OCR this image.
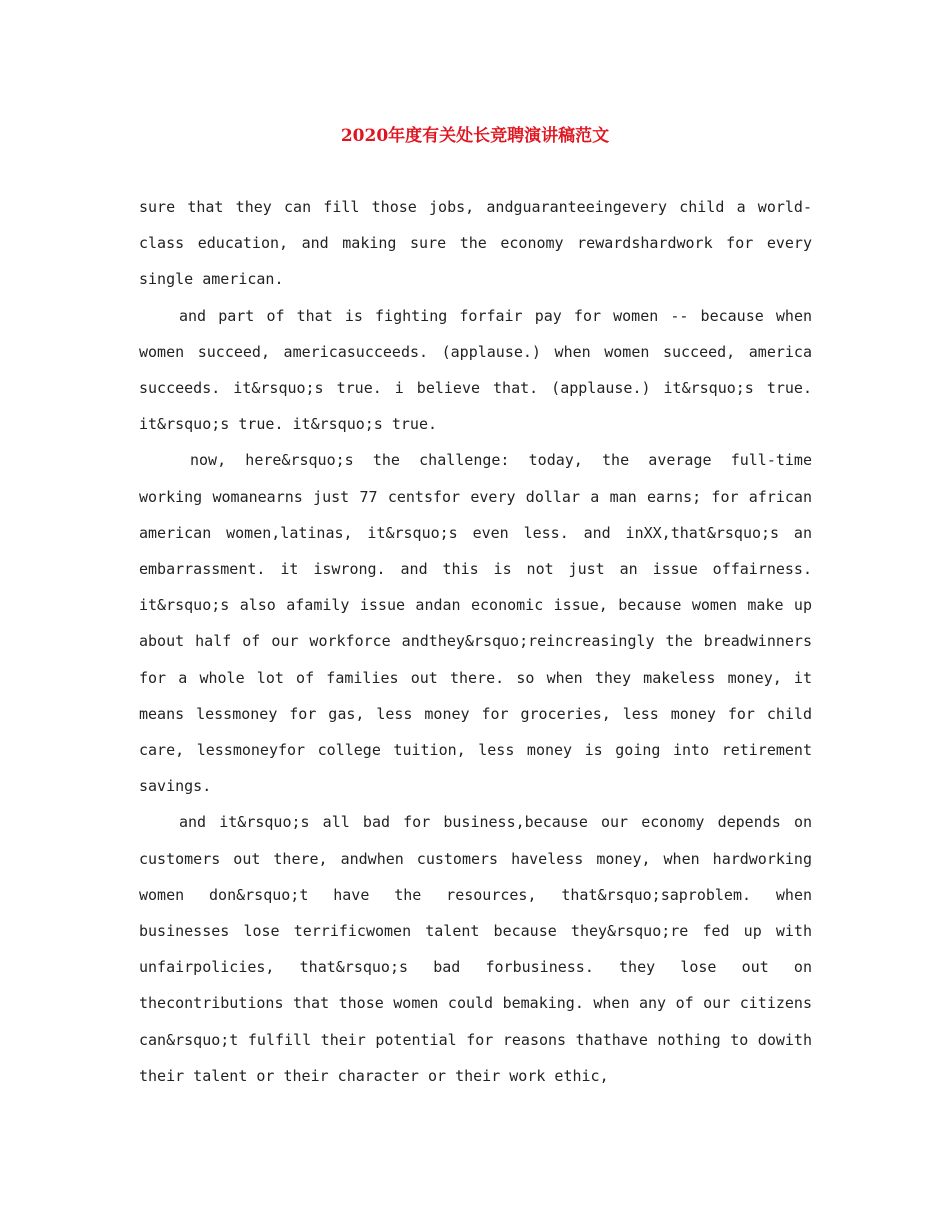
2020年度有关处长竞聘演讲稿范文

sure that they can fill those jobs, andguaranteeingevery child a world-class education, and making sure the economy rewardshardwork for every single american.

and part of that is fighting forfair pay for women -- because when women succeed, americasucceeds. (applause.) when women succeed, america succeeds. it&rsquo;s true. i believe that. (applause.) it&rsquo;s true. it&rsquo;s true. it&rsquo;s true.

now, here&rsquo;s the challenge: today, the average full-time working womanearns just 77 centsfor every dollar a man earns; for african american women,latinas, it&rsquo;s even less. and inXX,that&rsquo;s an embarrassment. it iswrong. and this is not just an issue offairness. it&rsquo;s also afamily issue andan economic issue, because women make up about half of our workforce andthey&rsquo;reincreasingly the breadwinners for a whole lot of families out there. so when they makeless money, it means lessmoney for gas, less money for groceries, less money for child care, lessmoneyfor college tuition, less money is going into retirement savings.

and it&rsquo;s all bad for business,because our economy depends on customers out there, andwhen customers haveless money, when hardworking women don&rsquo;t have the resources, that&rsquo;saproblem. when businesses lose terrificwomen talent because they&rsquo;re fed up with unfairpolicies, that&rsquo;s bad forbusiness. they lose out on thecontributions that those women could bemaking. when any of our citizens can&rsquo;t fulfill their potential for reasons thathave nothing to dowith their talent or their character or their work ethic,
